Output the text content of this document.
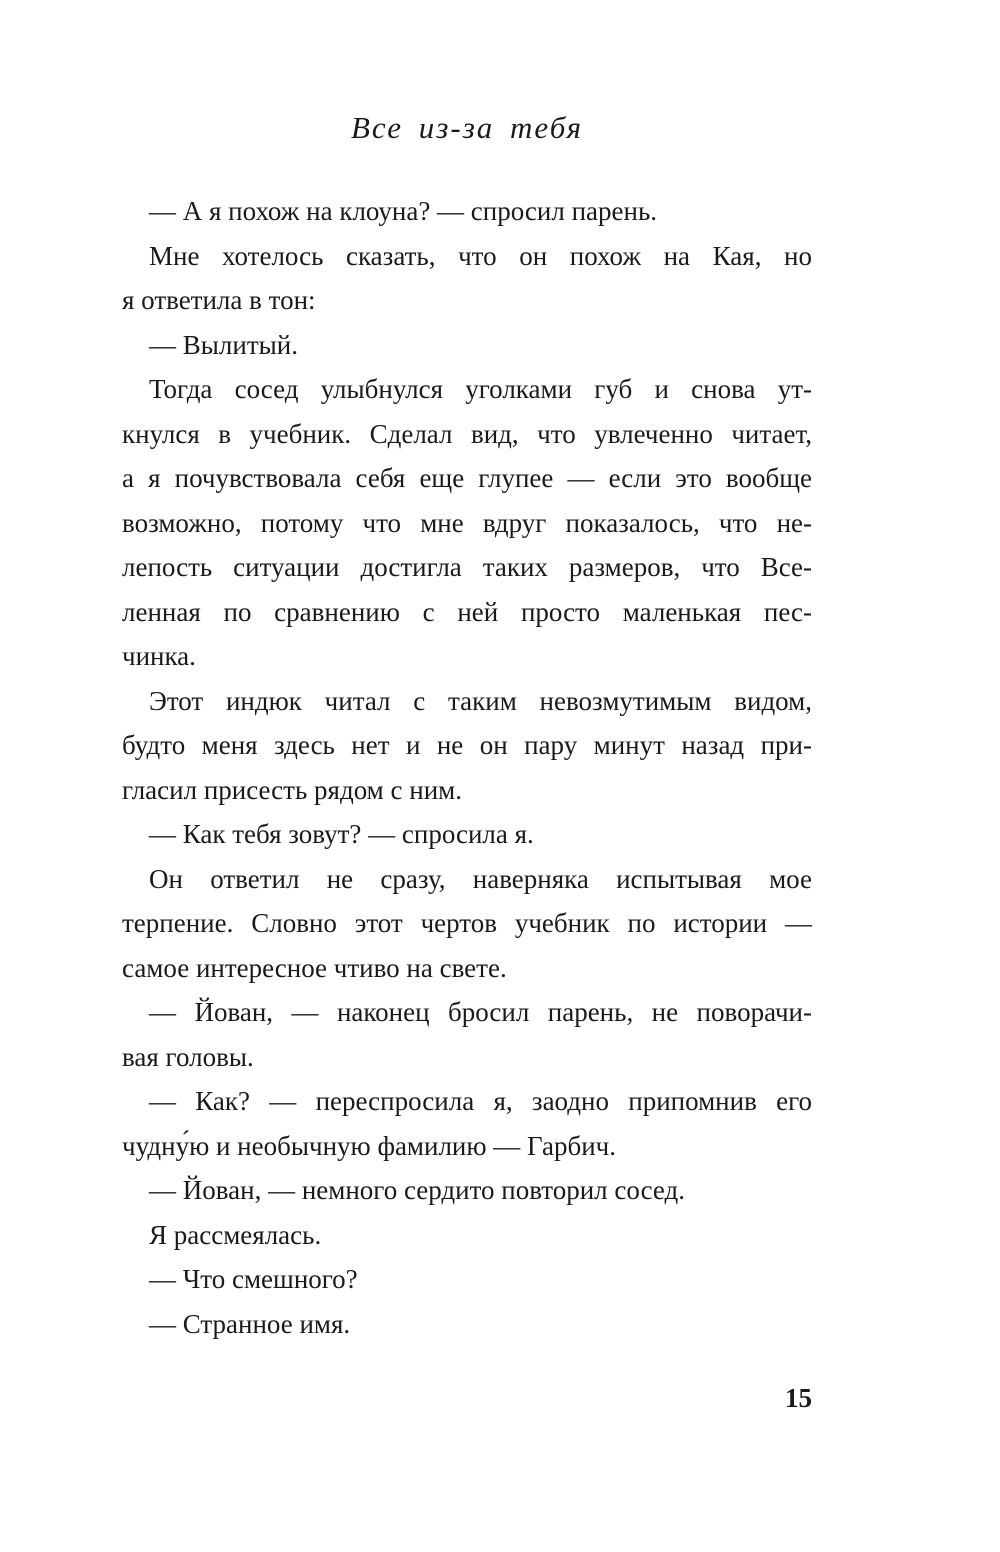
Все из-за тебя
— А я похож на клоуна? — спросил парень.
Мне хотелось сказать, что он похож на Кая, но
я ответила в тон:
— Вылитый.
Тогда сосед улыбнулся уголками губ и снова ут-
кнулся в учебник. Сделал вид, что увлеченно читает,
а я почувствовала себя еще глупее — если это вообще
возможно, потому что мне вдруг показалось, что не-
лепость ситуации достигла таких размеров, что Все-
ленная по сравнению с ней просто маленькая пес-
чинка.
Этот индюк читал с таким невозмутимым видом,
будто меня здесь нет и не он пару минут назад при-
гласил присесть рядом с ним.
— Как тебя зовут? — спросила я.
Он ответил не сразу, наверняка испытывая мое
терпение. Словно этот чертов учебник по истории —
самое интересное чтиво на свете.
— Йован, — наконец бросил парень, не поворачи-
вая головы.
— Как? — переспросила я, заодно припомнив его
чудну́ю и необычную фамилию — Гарбич.
— Йован, — немного сердито повторил сосед.
Я рассмеялась.
— Что смешного?
— Странное имя.
15
